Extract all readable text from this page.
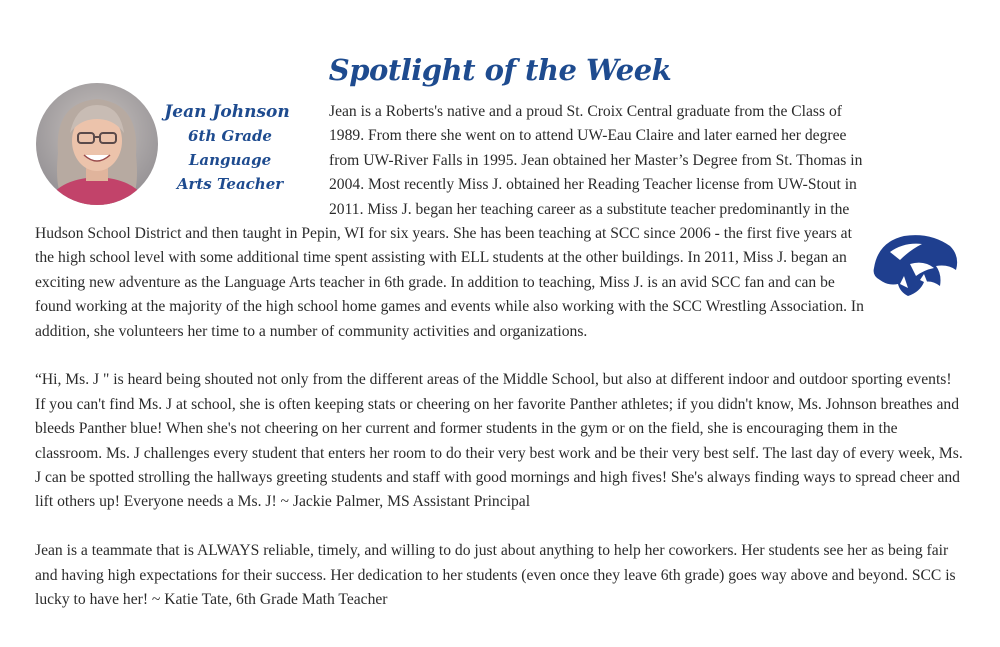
Spotlight of the Week
Jean Johnson
6th Grade Language
Arts Teacher

Jean is a Roberts's native and a proud St. Croix Central graduate from the Class of 1989. From there she went on to attend UW-Eau Claire and later earned her degree from UW-River Falls in 1995. Jean obtained her Master’s Degree from St. Thomas in 2004. Most recently Miss J. obtained her Reading Teacher license from UW-Stout in 2011. Miss J. began her teaching career as a substitute teacher predominantly in the Hudson School District and then taught in Pepin, WI for six years. She has been teaching at SCC since 2006 - the first five years at the high school level with some additional time spent assisting with ELL students at the other buildings. In 2011, Miss J. began an exciting new adventure as the Language Arts teacher in 6th grade. In addition to teaching, Miss J. is an avid SCC fan and can be found working at the majority of the high school home games and events while also working with the SCC Wrestling Association. In addition, she volunteers her time to a number of community activities and organizations.

“Hi, Ms. J " is heard being shouted not only from the different areas of the Middle School, but also at different indoor and outdoor sporting events! If you can't find Ms. J at school, she is often keeping stats or cheering on her favorite Panther athletes; if you didn't know, Ms. Johnson breathes and bleeds Panther blue! When she's not cheering on her current and former students in the gym or on the field, she is encouraging them in the classroom. Ms. J challenges every student that enters her room to do their very best work and be their very best self. The last day of every week, Ms. J can be spotted strolling the hallways greeting students and staff with good mornings and high fives! She's always finding ways to spread cheer and lift others up! Everyone needs a Ms. J! ~ Jackie Palmer, MS Assistant Principal

Jean is a teammate that is ALWAYS reliable, timely, and willing to do just about anything to help her coworkers. Her students see her as being fair and having high expectations for their success. Her dedication to her students (even once they leave 6th grade) goes way above and beyond. SCC is lucky to have her! ~ Katie Tate, 6th Grade Math Teacher
